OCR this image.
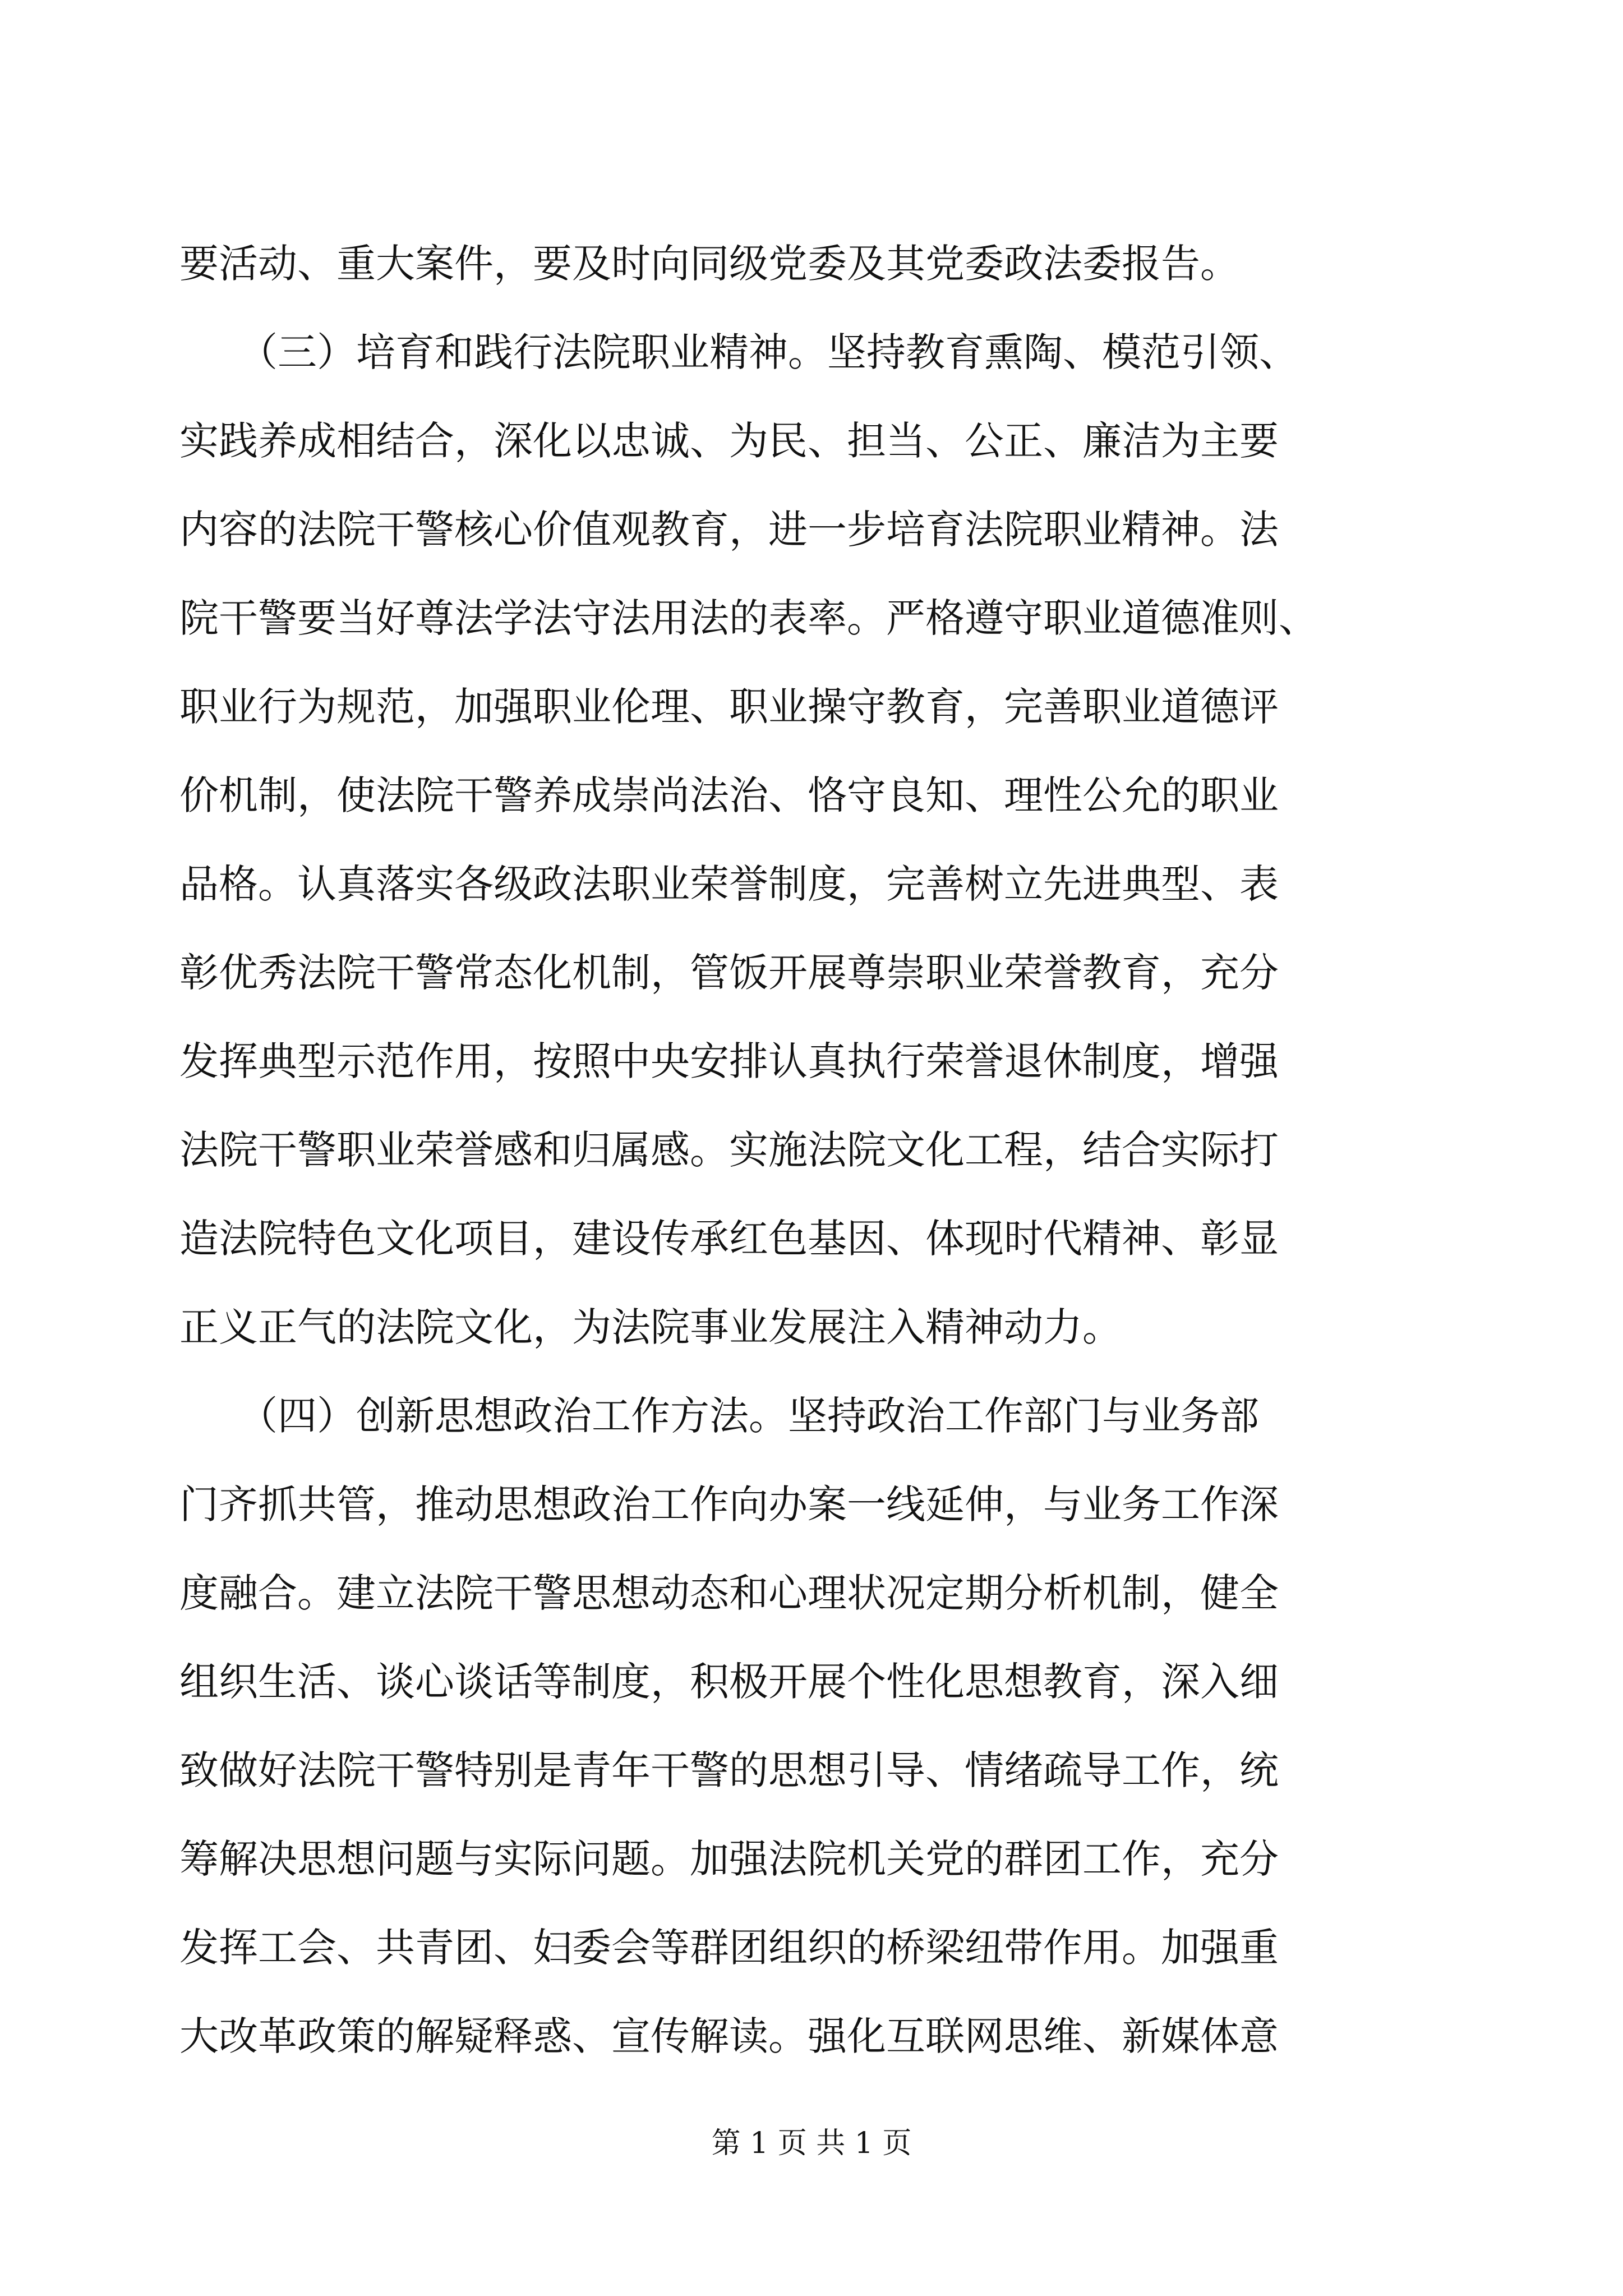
要活动、重大案件，要及时向同级党委及其党委政法委报告。
　　（三）培育和践行法院职业精神。坚持教育熏陶、模范引领、
实践养成相结合，深化以忠诚、为民、担当、公正、廉洁为主要
内容的法院干警核心价值观教育，进一步培育法院职业精神。法
院干警要当好尊法学法守法用法的表率。严格遵守职业道德准则、
职业行为规范，加强职业伦理、职业操守教育，完善职业道德评
价机制，使法院干警养成崇尚法治、恪守良知、理性公允的职业
品格。认真落实各级政法职业荣誉制度，完善树立先进典型、表
彰优秀法院干警常态化机制，管饭开展尊崇职业荣誉教育，充分
发挥典型示范作用，按照中央安排认真执行荣誉退休制度，增强
法院干警职业荣誉感和归属感。实施法院文化工程，结合实际打
造法院特色文化项目，建设传承红色基因、体现时代精神、彰显
正义正气的法院文化，为法院事业发展注入精神动力。
　　（四）创新思想政治工作方法。坚持政治工作部门与业务部
门齐抓共管，推动思想政治工作向办案一线延伸，与业务工作深
度融合。建立法院干警思想动态和心理状况定期分析机制，健全
组织生活、谈心谈话等制度，积极开展个性化思想教育，深入细
致做好法院干警特别是青年干警的思想引导、情绪疏导工作，统
筹解决思想问题与实际问题。加强法院机关党的群团工作，充分
发挥工会、共青团、妇委会等群团组织的桥梁纽带作用。加强重
大改革政策的解疑释惑、宣传解读。强化互联网思维、新媒体意
第 1 页 共 1 页
